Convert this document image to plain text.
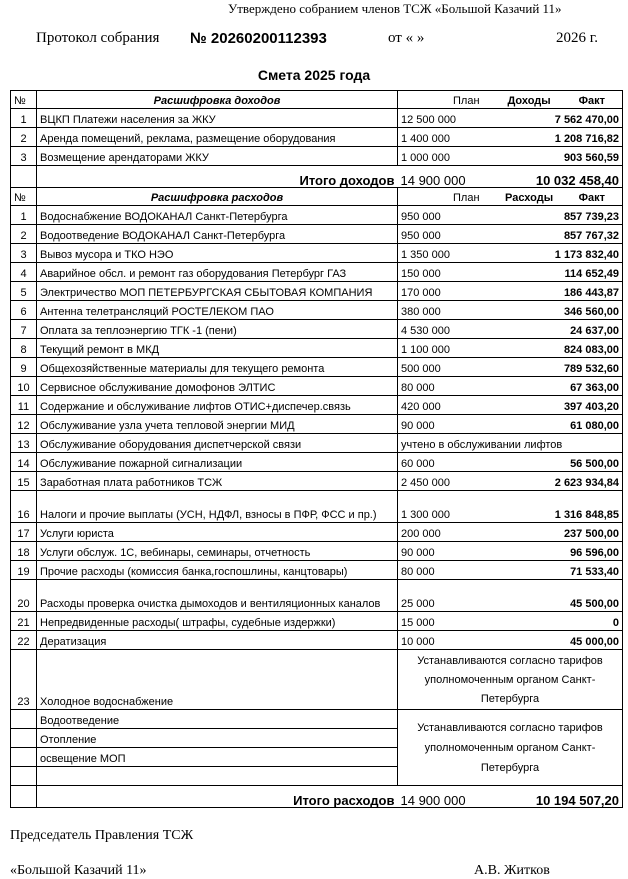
Утверждено собранием членов ТСЖ «Большой Казачий 11»
Протокол собрания № 20260200112393	от « »	2026 г.
Смета 2025 года
№	Расшифровка доходов	План Доходы Факт	

1	ВЦКП Платежи населения за ЖКУ	12 500 000	7 562 470,00
2	Аренда помещений, реклама, размещение оборудования	1 400 000	1 208 716,82
3	Возмещение арендаторами ЖКУ	1 000 000	903 560,59
	Итого доходов	14 900 000	10 032 458,40
№	Расшифровка расходов	План Расходы Факт	

1	Водоснабжение ВОДОКАНАЛ Санкт-Петербурга	950 000	857 739,23
2	Водоотведение ВОДОКАНАЛ Санкт-Петербурга	950 000	857 767,32
3	Вывоз мусора и ТКО НЭО	1 350 000	1 173 832,40
4	Аварийное обсл. и ремонт газ оборудования Петербург ГАЗ	150 000	114 652,49
5	Электричество МОП ПЕТЕРБУРГСКАЯ СБЫТОВАЯ КОМПАНИЯ	170 000	186 443,87
6	Антенна телетрансляций РОСТЕЛЕКОМ ПАО	380 000	346 560,00
7	Оплата за теплоэнергию ТГК -1 (пени)	4 530 000	24 637,00
8	Текущий ремонт в МКД	1 100 000	824 083,00
9	Общехозяйственные материалы для текущего ремонта	500 000	789 532,60
10	Сервисное обслуживание домофонов ЭЛТИС	80 000	67 363,00
11	Содержание и обслуживание лифтов ОТИС+диспечер.связь	420 000	397 403,20
12	Обслуживание узла учета тепловой энергии МИД	90 000	61 080,00
13	Обслуживание оборудования диспетчерской связи	учтено в обслуживании лифтов	
14	Обслуживание пожарной сигнализации	60 000	56 500,00
15	Заработная плата работников ТСЖ	2 450 000	2 623 934,84
16	Налоги и прочие выплаты (УСН, НДФЛ, взносы в ПФР, ФСС и пр.)	1 300 000	1 316 848,85
17	Услуги юриста	200 000	237 500,00
18	Услуги обслуж. 1С, вебинары, семинары, отчетность	90 000	96 596,00
19	Прочие расходы (комиссия банка,госпошлины, канцтовары)	80 000	71 533,40
20	Расходы проверка очистка дымоходов и вентиляционных каналов	25 000	45 500,00
21	Непредвиденные расходы( штрафы, судебные издержки)	15 000	0
22	Дератизация	10 000	45 000,00
23	Холодное водоснабжение	Устанавливаются согласно тарифов уполномоченным органом Санкт-Петербурга	
	Водоотведение	Устанавливаются согласно тарифов уполномоченным органом Санкт-Петербурга	
	Отопление		
	освещение МОП		

	Итого расходов	14 900 000	10 194 507,20
Председатель Правления ТСЖ
«Большой Казачий 11»	А.В. Житков
